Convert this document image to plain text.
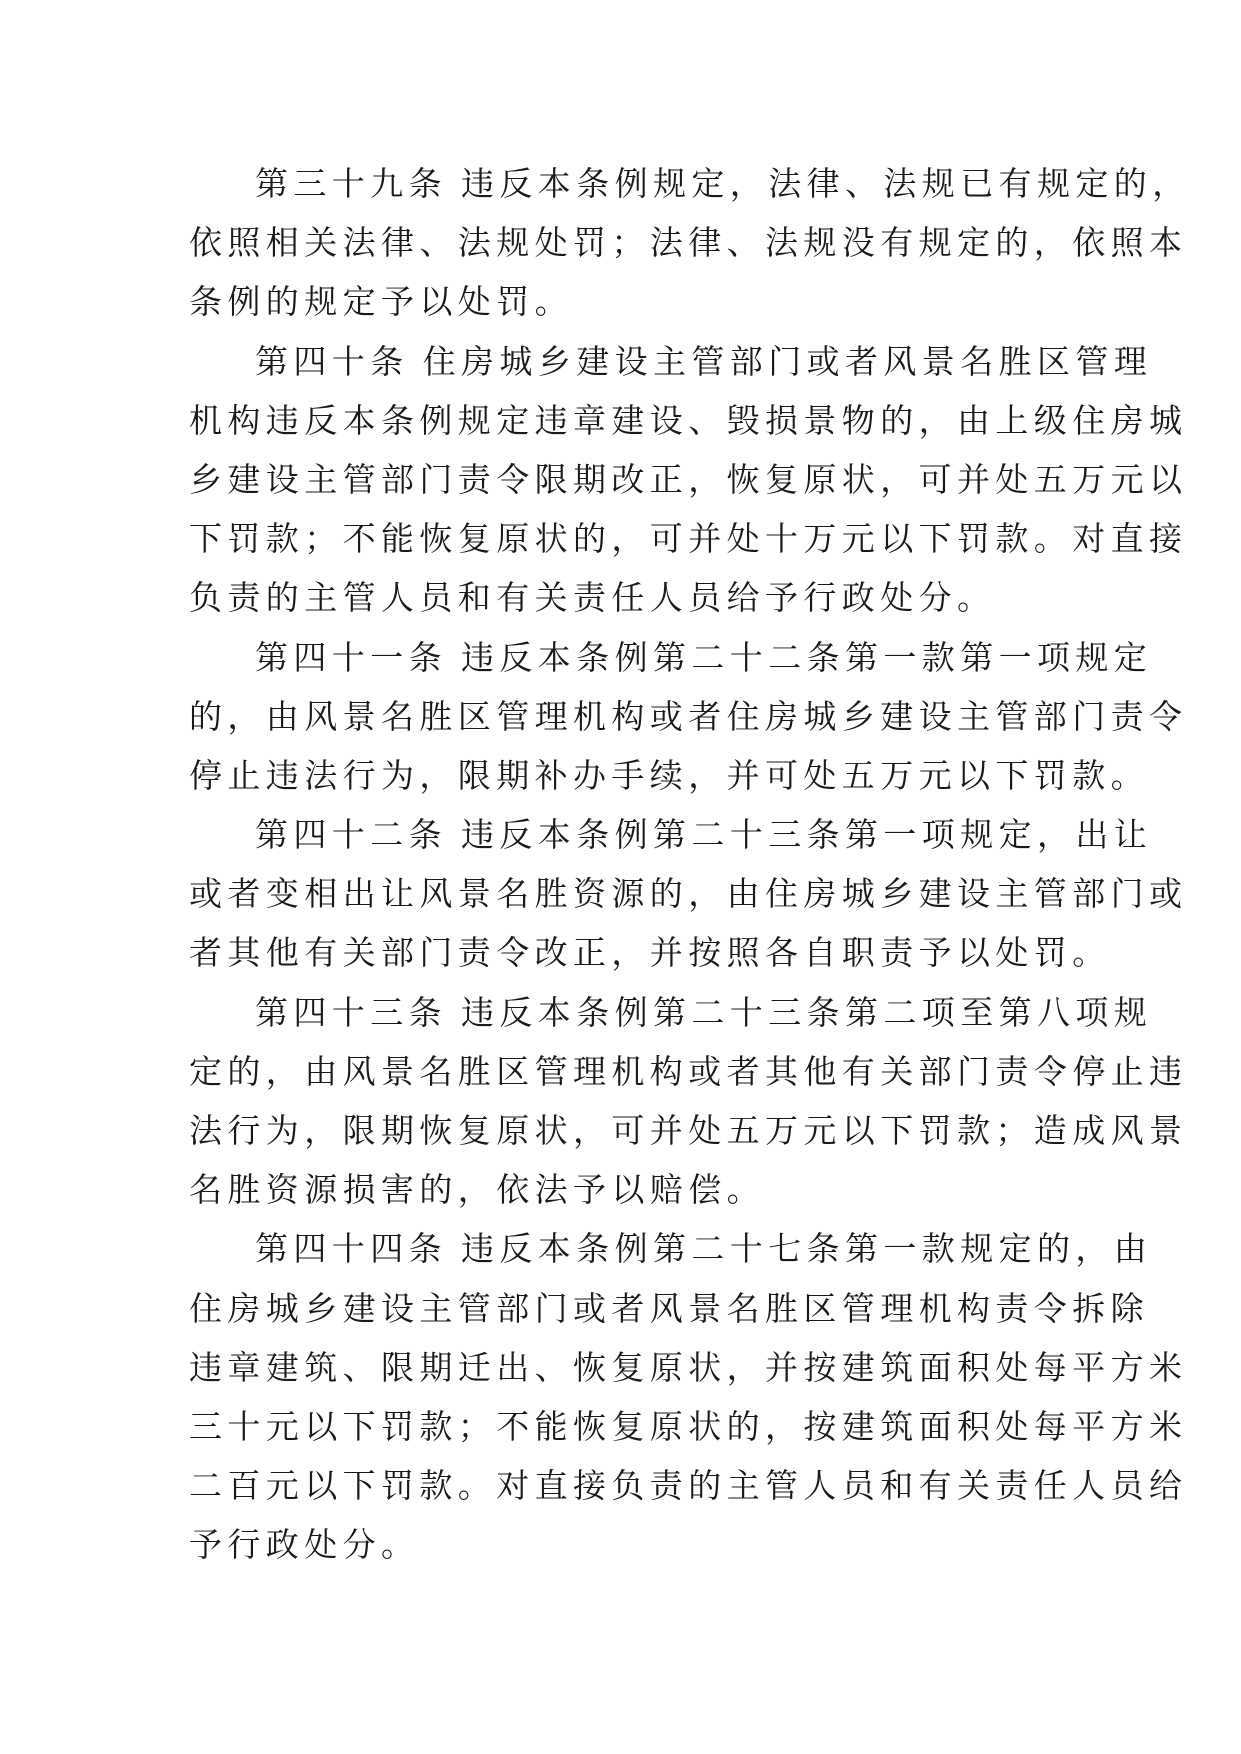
第三十九条 违反本条例规定，法律、法规已有规定的，
依照相关法律、法规处罚；法律、法规没有规定的，依照本
条例的规定予以处罚。
第四十条 住房城乡建设主管部门或者风景名胜区管理
机构违反本条例规定违章建设、毁损景物的，由上级住房城
乡建设主管部门责令限期改正，恢复原状，可并处五万元以
下罚款；不能恢复原状的，可并处十万元以下罚款。对直接
负责的主管人员和有关责任人员给予行政处分。
第四十一条 违反本条例第二十二条第一款第一项规定
的，由风景名胜区管理机构或者住房城乡建设主管部门责令
停止违法行为，限期补办手续，并可处五万元以下罚款。
第四十二条 违反本条例第二十三条第一项规定，出让
或者变相出让风景名胜资源的，由住房城乡建设主管部门或
者其他有关部门责令改正，并按照各自职责予以处罚。
第四十三条 违反本条例第二十三条第二项至第八项规
定的，由风景名胜区管理机构或者其他有关部门责令停止违
法行为，限期恢复原状，可并处五万元以下罚款；造成风景
名胜资源损害的，依法予以赔偿。
第四十四条 违反本条例第二十七条第一款规定的，由
住房城乡建设主管部门或者风景名胜区管理机构责令拆除
违章建筑、限期迁出、恢复原状，并按建筑面积处每平方米
三十元以下罚款；不能恢复原状的，按建筑面积处每平方米
二百元以下罚款。对直接负责的主管人员和有关责任人员给
予行政处分。
